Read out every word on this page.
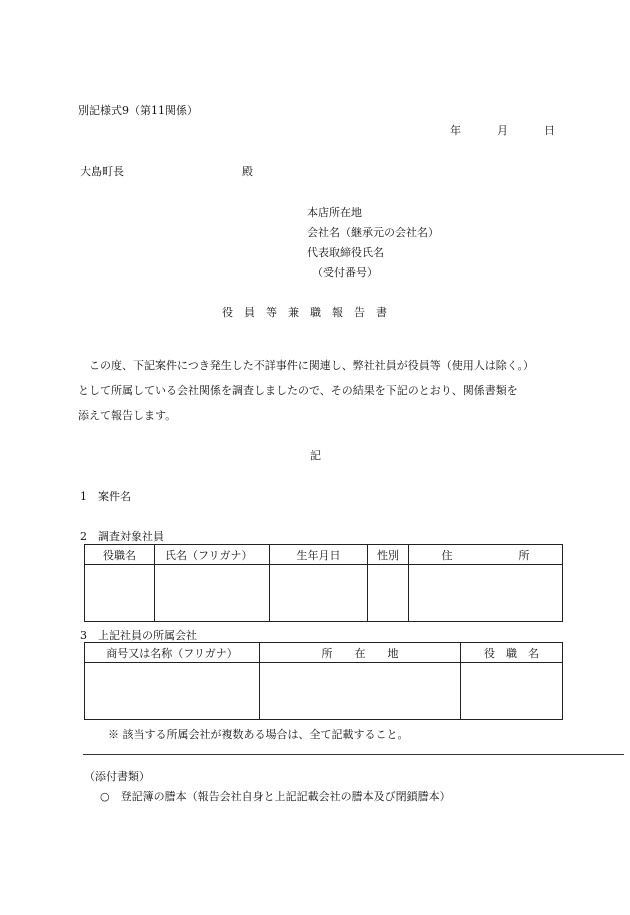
別記様式9（第11関係）
年	月	日
大島町長	殿
本店所在地
会社名（継承元の会社名）
代表取締役氏名
（受付番号）
役　員　等　兼　職　報　告　書
この度、下記案件につき発生した不詳事件に関連し、弊社社員が役員等（使用人は除く。）
として所属している会社関係を調査しましたので、その結果を下記のとおり、関係書類を
添えて報告します。
記
1　案件名
2　調査対象社員
役職名	氏名（フリガナ）	生年月日	性別	住　　　　　　所

3　上記社員の所属会社
商号又は名称（フリガナ）	所　　在　　地	役　職　名

※ 該当する所属会社が複数ある場合は、全て記載すること。
（添付書類）
○　登記簿の謄本（報告会社自身と上記記載会社の謄本及び閉鎖謄本）
